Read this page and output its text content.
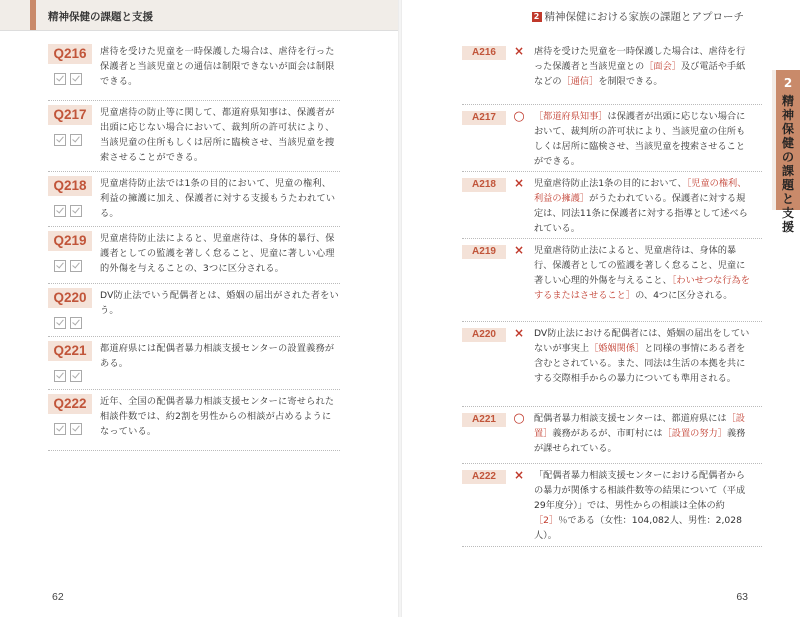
精神保健の課題と支援
Q216	虐待を受けた児童を一時保護した場合は、虐待を行った保護者と当該児童との通信は制限できないが面会は制限できる。
Q217	児童虐待の防止等に関して、都道府県知事は、保護者が出頭に応じない場合において、裁判所の許可状により、当該児童の住所もしくは居所に臨検させ、当該児童を捜索させることができる。
Q218	児童虐待防止法では1条の目的において、児童の権利、利益の擁護に加え、保護者に対する支援もうたわれている。
Q219	児童虐待防止法によると、児童虐待は、身体的暴行、保護者としての監護を著しく怠ること、児童に著しい心理的外傷を与えることの、3つに区分される。
Q220	DV防止法でいう配偶者とは、婚姻の届出がされた者をいう。
Q221	都道府県には配偶者暴力相談支援センターの設置義務がある。
Q222	近年、全国の配偶者暴力相談支援センターに寄せられた相談件数では、約2割を男性からの相談が占めるようになっている。
62
2 精神保健における家族の課題とアプローチ
2
精
神
保
健
の
課
題
と
支
援
A216	× 虐待を受けた児童を一時保護した場合は、虐待を行った保護者と当該児童との［面会］及び電話や手紙などの［通信］を制限できる。
A217	○ ［都道府県知事］は保護者が出頭に応じない場合において、裁判所の許可状により、当該児童の住所もしくは居所に臨検させ、当該児童を捜索させることができる。
A218	× 児童虐待防止法1条の目的において、［児童の権利、利益の擁護］がうたわれている。保護者に対する規定は、同法11条に保護者に対する指導として述べられている。
A219	× 児童虐待防止法によると、児童虐待は、身体的暴行、保護者としての監護を著しく怠ること、児童に著しい心理的外傷を与えること、［わいせつな行為をするまたはさせること］の、4つに区分される。
A220	× DV防止法における配偶者には、婚姻の届出をしていないが事実上［婚姻関係］と同様の事情にある者を含むとされている。また、同法は生活の本拠を共にする交際相手からの暴力についても準用される。
A221	○ 配偶者暴力相談支援センターは、都道府県には［設置］義務があるが、市町村には［設置の努力］義務が課せられている。
A222	× 「配偶者暴力相談支援センターにおける配偶者からの暴力が関係する相談件数等の結果について（平成29年度分）」では、男性からの相談は全体の約［2］％である（女性：104,082人、男性：2,028人）。
63
